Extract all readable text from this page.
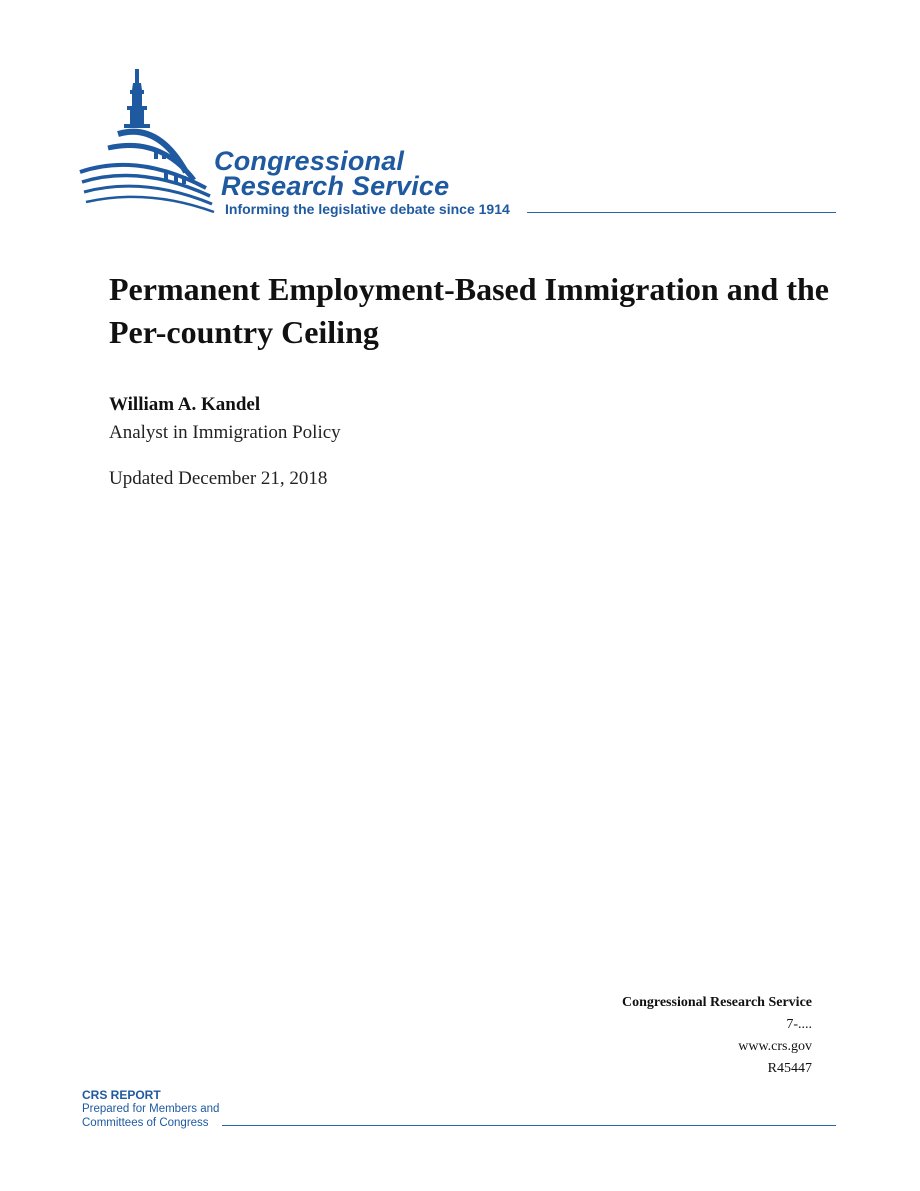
Congressional
Research Service
Informing the legislative debate since 1914
Permanent Employment-Based Immigration and the Per-country Ceiling
William A. Kandel
Analyst in Immigration Policy
Updated December 21, 2018
Congressional Research Service
7-....
www.crs.gov
R45447
CRS REPORT
Prepared for Members and
Committees of Congress
